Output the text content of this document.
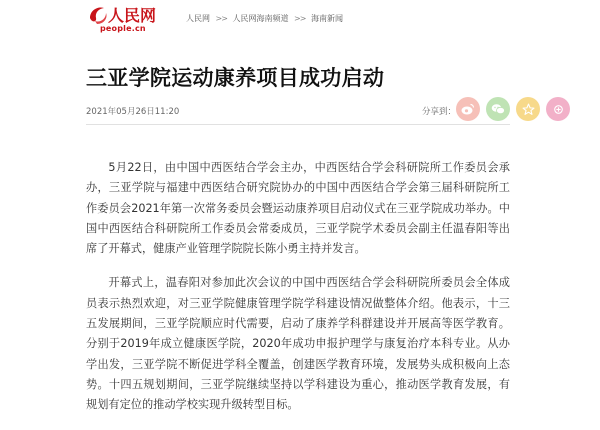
人民网
people.cn
人民网 >> 人民网海南频道 >> 海南新闻
三亚学院运动康养项目成功启动
2021年05月26日11:20	分享到：

5月22日，由中国中西医结合学会主办，中西医结合学会科研院所工作委员会承办，三亚学院与福建中西医结合研究院协办的中国中西医结合学会第三届科研院所工作委员会2021年第一次常务委员会暨运动康养项目启动仪式在三亚学院成功举办。中国中西医结合科研院所工作委员会常委成员，三亚学院学术委员会副主任温春阳等出席了开幕式，健康产业管理学院院长陈小勇主持并发言。

开幕式上，温春阳对参加此次会议的中国中西医结合学会科研院所委员会全体成员表示热烈欢迎，对三亚学院健康管理学院学科建设情况做整体介绍。他表示，十三五发展期间，三亚学院顺应时代需要，启动了康养学科群建设并开展高等医学教育。分别于2019年成立健康医学院，2020年成功申报护理学与康复治疗本科专业。从办学出发，三亚学院不断促进学科全覆盖，创建医学教育环境，发展势头成积极向上态势。十四五规划期间，三亚学院继续坚持以学科建设为重心，推动医学教育发展，有规划有定位的推动学校实现升级转型目标。
